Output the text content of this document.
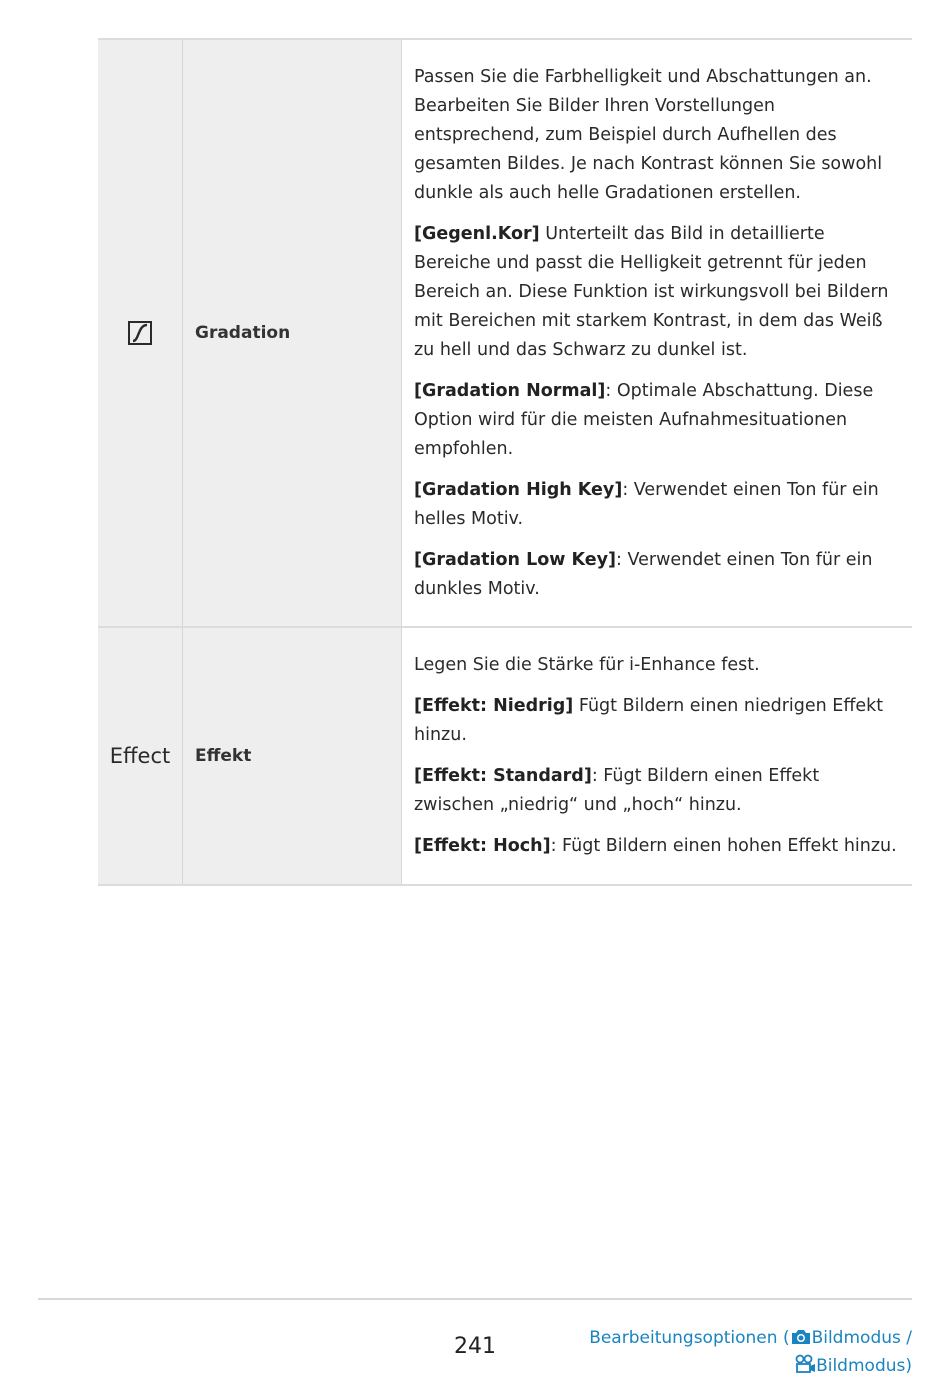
	Gradation	Passen Sie die Farbhelligkeit und Abschattungen an. Bearbeiten Sie Bilder Ihren Vorstellungen entsprechend, zum Beispiel durch Aufhellen des gesamten Bildes. Je nach Kontrast können Sie sowohl dunkle als auch helle Gradationen erstellen.

[Gegenl.Kor] Unterteilt das Bild in detaillierte Bereiche und passt die Helligkeit getrennt für jeden Bereich an. Diese Funktion ist wirkungsvoll bei Bildern mit Bereichen mit starkem Kontrast, in dem das Weiß zu hell und das Schwarz zu dunkel ist.

[Gradation Normal]: Optimale Abschattung. Diese Option wird für die meisten Aufnahmesituationen empfohlen.

[Gradation High Key]: Verwendet einen Ton für ein helles Motiv.

[Gradation Low Key]: Verwendet einen Ton für ein dunkles Motiv.

Effect	Effekt	Legen Sie die Stärke für i-Enhance fest.

[Effekt: Niedrig] Fügt Bildern einen niedrigen Effekt hinzu.

[Effekt: Standard]: Fügt Bildern einen Effekt zwischen „niedrig“ und „hoch“ hinzu.

[Effekt: Hoch]: Fügt Bildern einen hohen Effekt hinzu.

241	Bearbeitungsoptionen ( Bildmodus /
Bildmodus)
